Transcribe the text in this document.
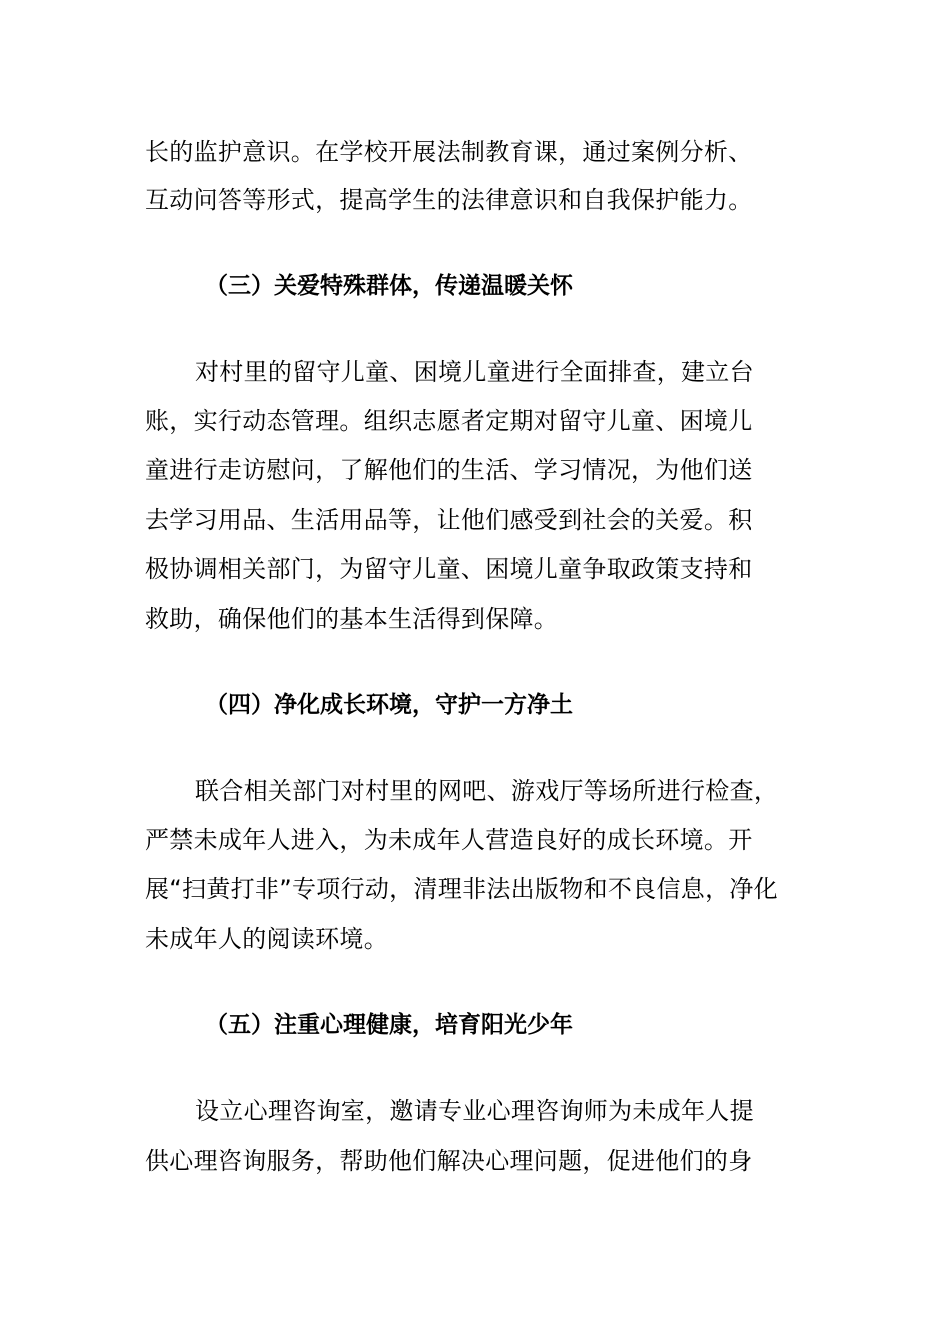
长的监护意识。在学校开展法制教育课，通过案例分析、
互动问答等形式，提高学生的法律意识和自我保护能力。
（三）关爱特殊群体，传递温暖关怀
对村里的留守儿童、困境儿童进行全面排查，建立台
账，实行动态管理。组织志愿者定期对留守儿童、困境儿
童进行走访慰问，了解他们的生活、学习情况，为他们送
去学习用品、生活用品等，让他们感受到社会的关爱。积
极协调相关部门，为留守儿童、困境儿童争取政策支持和
救助，确保他们的基本生活得到保障。
（四）净化成长环境，守护一方净土
联合相关部门对村里的网吧、游戏厅等场所进行检查，
严禁未成年人进入，为未成年人营造良好的成长环境。开
展“扫黄打非”专项行动，清理非法出版物和不良信息，净化
未成年人的阅读环境。
（五）注重心理健康，培育阳光少年
设立心理咨询室，邀请专业心理咨询师为未成年人提
供心理咨询服务，帮助他们解决心理问题，促进他们的身
